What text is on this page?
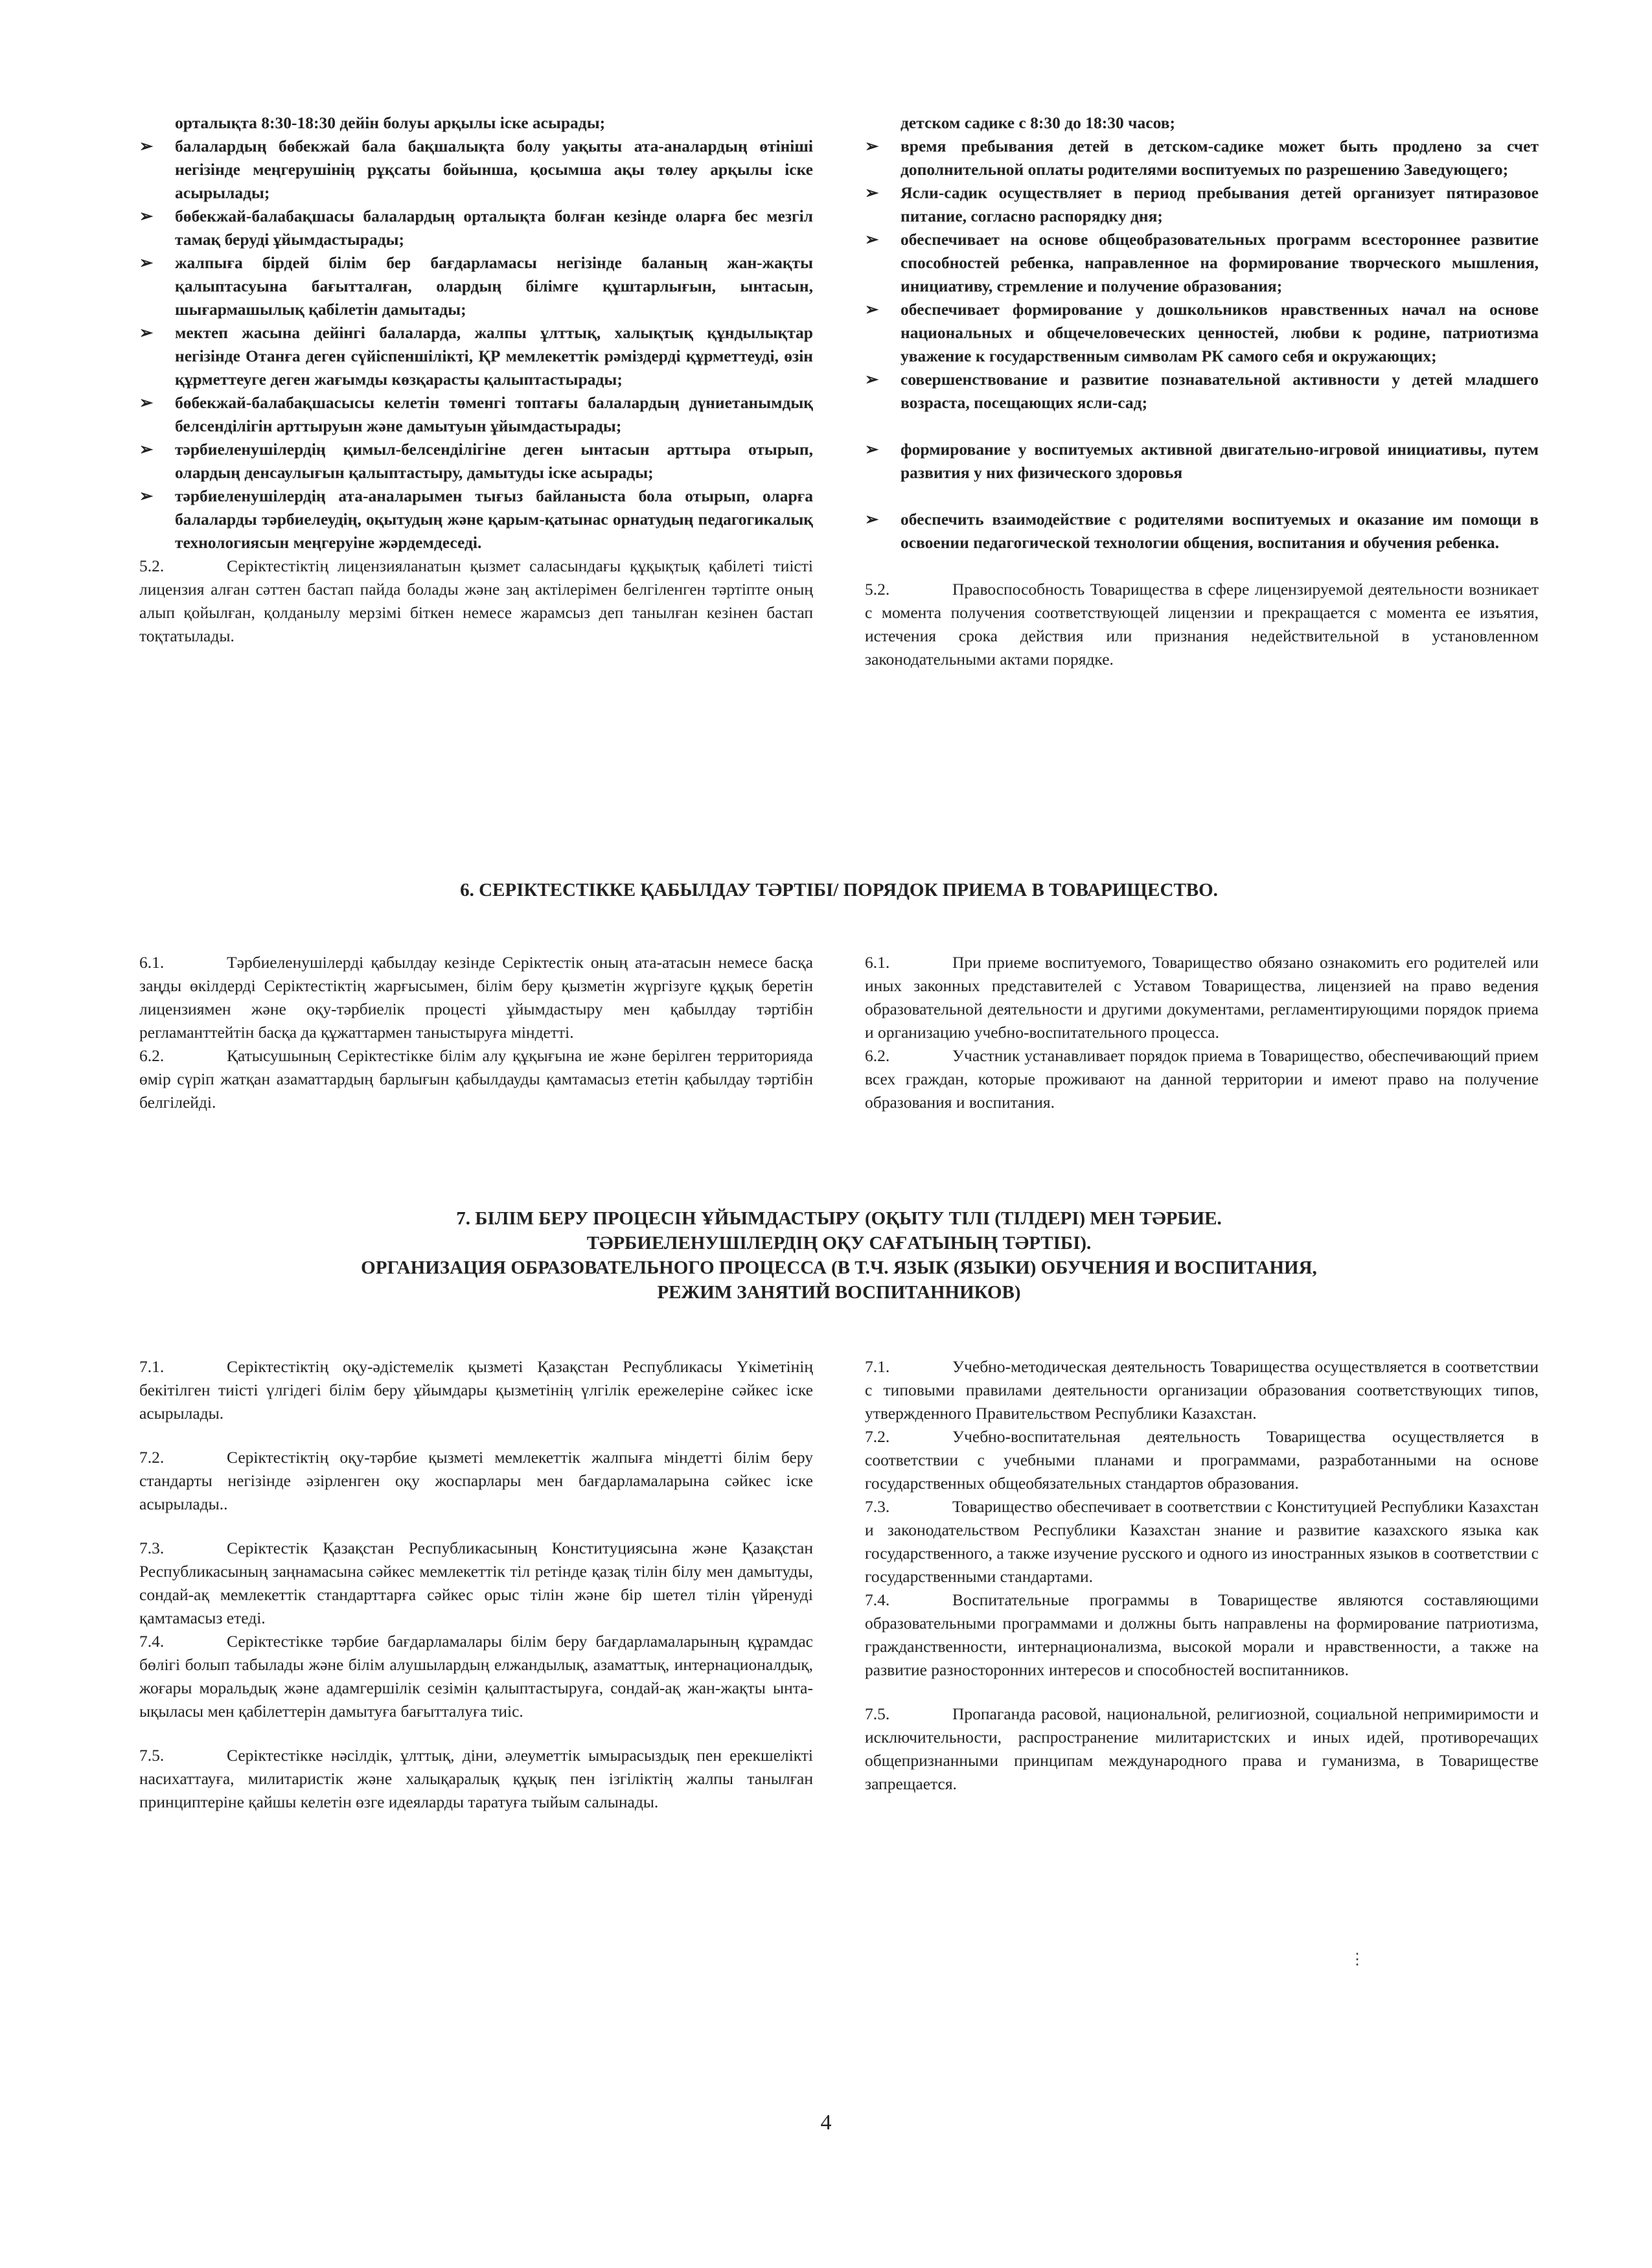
орталықта 8:30-18:30 дейін болуы арқылы іске асырады;

➢ балалардың бөбекжай бала бақшалықта болу уақыты ата-аналардың өтініші негізінде меңгерушінің рұқсаты бойынша, қосымша ақы төлеу арқылы іске асырылады;
➢ бөбекжай-балабақшасы балалардың орталықта болған кезінде оларға бес мезгіл тамақ беруді ұйымдастырады;
➢ жалпыға бірдей білім бер бағдарламасы негізінде баланың жан-жақты қалыптасуына бағытталған, олардың білімге құштарлығын, ынтасын, шығармашылық қабілетін дамытады;
➢ мектеп жасына дейінгі балаларда, жалпы ұлттық, халықтық құндылықтар негізінде Отанға деген сүйіспеншілікті, ҚР мемлекеттік рәміздерді құрметтеуді, өзін құрметтеуге деген жағымды көзқарасты қалыптастырады;
➢ бөбекжай-балабақшасысы келетін төменгі топтағы балалардың дүниетанымдық белсенділігін арттыруын және дамытуын ұйымдастырады;
➢ тәрбиеленушілердің қимыл-белсенділігіне деген ынтасын арттыра отырып, олардың денсаулығын қалыптастыру, дамытуды іске асырады;
➢ тәрбиеленушілердің ата-аналарымен тығыз байланыста бола отырып, оларға балаларды тәрбиелеудің, оқытудың және қарым-қатынас орнатудың педагогикалық технологиясын меңгеруіне жәрдемдеседі.

5.2.	Серіктестіктің лицензияланатын қызмет саласындағы құқықтық қабілеті тиісті лицензия алған сәттен бастап пайда болады және заң актілерімен белгіленген тәртіпте оның алып қойылған, қолданылу мерзімі біткен немесе жарамсыз деп танылған кезінен бастап тоқтатылады.

детском садике с 8:30 до 18:30 часов;

➢ время пребывания детей в детском-садике может быть продлено за счет дополнительной оплаты родителями воспитуемых по разрешению Заведующего;
➢ Ясли-садик осуществляет в период пребывания детей организует пятиразовое питание, согласно распорядку дня;
➢ обеспечивает на основе общеобразовательных программ всестороннее развитие способностей ребенка, направленное на формирование творческого мышления, инициативу, стремление и получение образования;
➢ обеспечивает формирование у дошкольников нравственных начал на основе национальных и общечеловеческих ценностей, любви к родине, патриотизма уважение к государственным символам РК самого себя и окружающих;
➢ совершенствование и развитие познавательной активности у детей младшего возраста, посещающих ясли-сад;
➢ формирование у воспитуемых активной двигательно-игровой инициативы, путем развития у них физического здоровья
➢ обеспечить взаимодействие с родителями воспитуемых и оказание им помощи в освоении педагогической технологии общения, воспитания и обучения ребенка.

5.2.	Правоспособность Товарищества в сфере лицензируемой деятельности возникает с момента получения соответствующей лицензии и прекращается с момента ее изъятия, истечения срока действия или признания недействительной в установленном законодательными актами порядке.

6. СЕРІКТЕСТІККЕ ҚАБЫЛДАУ ТӘРТІБІ/ ПОРЯДОК ПРИЕМА В ТОВАРИЩЕСТВО.

6.1.	Тәрбиеленушілерді қабылдау кезінде Серіктестік оның ата-атасын немесе басқа заңды өкілдерді Серіктестіктің жарғысымен, білім беру қызметін жүргізуге құқық беретін лицензиямен және оқу-тәрбиелік процесті ұйымдастыру мен қабылдау тәртібін регламанттейтін басқа да құжаттармен таныстыруға міндетті.

6.2.	Қатысушының Серіктестікке білім алу құқығына ие және берілген территорияда өмір сүріп жатқан азаматтардың барлығын қабылдауды қамтамасыз ететін қабылдау тәртібін белгілейді.

6.1.	При приеме воспитуемого, Товарищество обязано ознакомить его родителей или иных законных представителей с Уставом Товарищества, лицензией на право ведения образовательной деятельности и другими документами, регламентирующими порядок приема и организацию учебно-воспитательного процесса.

6.2.	Участник устанавливает порядок приема в Товарищество, обеспечивающий прием всех граждан, которые проживают на данной территории и имеют право на получение образования и воспитания.

7. БІЛІМ БЕРУ ПРОЦЕСІН ҰЙЫМДАСТЫРУ (ОҚЫТУ ТІЛІ (ТІЛДЕРІ) МЕН ТӘРБИЕ.
ТӘРБИЕЛЕНУШІЛЕРДІҢ ОҚУ САҒАТЫНЫҢ ТӘРТІБІ).
ОРГАНИЗАЦИЯ ОБРАЗОВАТЕЛЬНОГО ПРОЦЕССА (В Т.Ч. ЯЗЫК (ЯЗЫКИ) ОБУЧЕНИЯ И ВОСПИТАНИЯ,
РЕЖИМ ЗАНЯТИЙ ВОСПИТАННИКОВ)

7.1.	Серіктестіктің оқу-әдістемелік қызметі Қазақстан Республикасы Үкіметінің бекітілген тиісті үлгідегі білім беру ұйымдары қызметінің үлгілік ережелеріне сәйкес іске асырылады.

7.2.	Серіктестіктің оқу-тәрбие қызметі мемлекеттік жалпыға міндетті білім беру стандарты негізінде әзірленген оқу жоспарлары мен бағдарламаларына сәйкес іске асырылады..

7.3.	Серіктестік Қазақстан Республикасының Конституциясына және Қазақстан Республикасының заңнамасына сәйкес мемлекеттік тіл ретінде қазақ тілін білу мен дамытуды, сондай-ақ мемлекеттік стандарттарға сәйкес орыс тілін және бір шетел тілін үйренуді қамтамасыз етеді.

7.4.	Серіктестікке тәрбие бағдарламалары білім беру бағдарламаларының құрамдас бөлігі болып табылады және білім алушылардың елжандылық, азаматтық, интернационалдық, жоғары моральдық және адамгершілік сезімін қалыптастыруға, сондай-ақ жан-жақты ынта-ықыласы мен қабілеттерін дамытуға бағытталуға тиіс.

7.5.	Серіктестікке нәсілдік, ұлттық, діни, әлеуметтік ымырасыздық пен ерекшелікті насихаттауға, милитаристік және халықаралық құқық пен ізгіліктің жалпы танылған принциптеріне қайшы келетін өзге идеяларды таратуға тыйым салынады.

7.1.	Учебно-методическая деятельность Товарищества осуществляется в соответствии с типовыми правилами деятельности организации образования соответствующих типов, утвержденного Правительством Республики Казахстан.

7.2.	Учебно-воспитательная деятельность Товарищества осуществляется в соответствии с учебными планами и программами, разработанными на основе государственных общеобязательных стандартов образования.

7.3.	Товарищество обеспечивает в соответствии с Конституцией Республики Казахстан и законодательством Республики Казахстан знание и развитие казахского языка как государственного, а также изучение русского и одного из иностранных языков в соответствии с государственными стандартами.

7.4.	Воспитательные программы в Товариществе являются составляющими образовательными программами и должны быть направлены на формирование патриотизма, гражданственности, интернационализма, высокой морали и нравственности, а также на развитие разносторонних интересов и способностей воспитанников.

7.5.	Пропаганда расовой, национальной, религиозной, социальной непримиримости и исключительности, распространение милитаристских и иных идей, противоречащих общепризнанными принципам международного права и гуманизма, в Товариществе запрещается.

⋮
4
